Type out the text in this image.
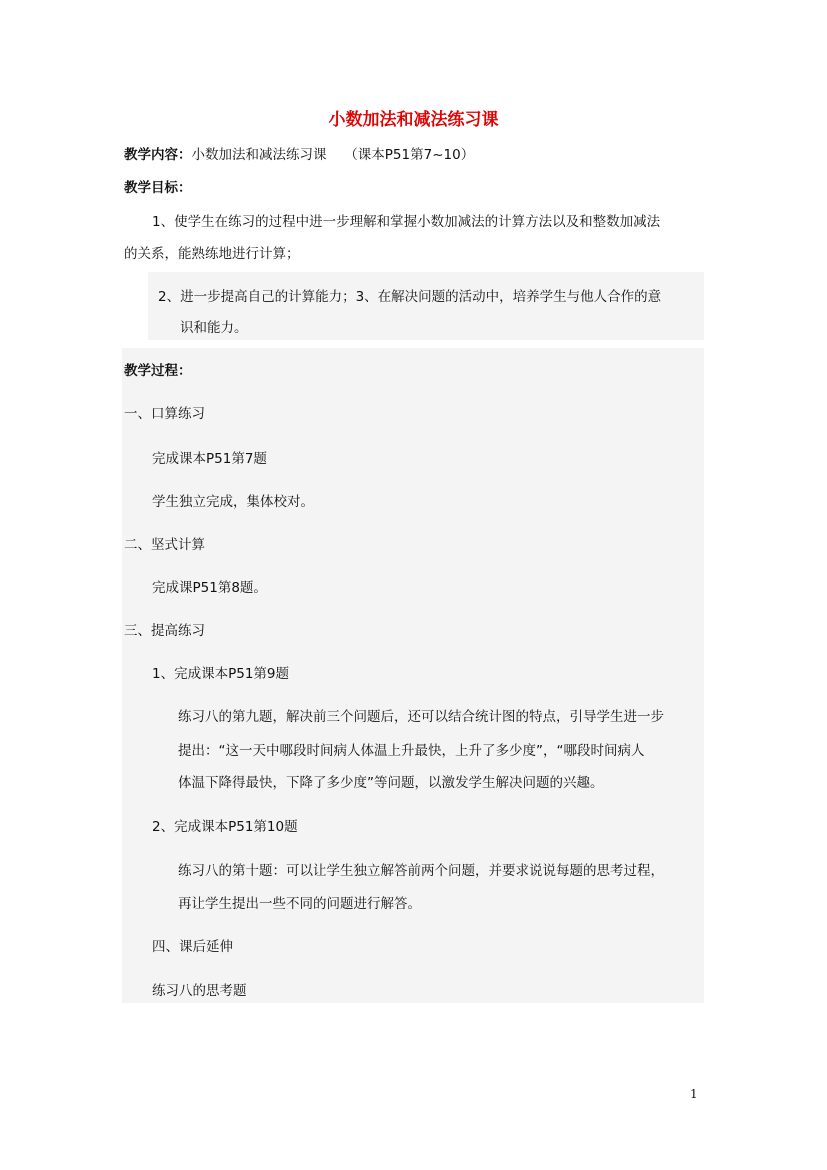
小数加法和减法练习课
教学内容：小数加法和减法练习课　 （课本P51第7~10）
教学目标：
1、使学生在练习的过程中进一步理解和掌握小数加减法的计算方法以及和整数加减法
的关系，能熟练地进行计算；
2、进一步提高自己的计算能力；3、在解决问题的活动中，培养学生与他人合作的意
识和能力。
教学过程：
一、口算练习
完成课本P51第7题
学生独立完成，集体校对。
二、坚式计算
完成课P51第8题。
三、提高练习
1、完成课本P51第9题
练习八的第九题，解决前三个问题后，还可以结合统计图的特点，引导学生进一步
提出：“这一天中哪段时间病人体温上升最快，上升了多少度”，“哪段时间病人
体温下降得最快，下降了多少度”等问题，以激发学生解决问题的兴趣。
2、完成课本P51第10题
练习八的第十题：可以让学生独立解答前两个问题，并要求说说每题的思考过程，
再让学生提出一些不同的问题进行解答。
四、课后延伸
练习八的思考题
1
